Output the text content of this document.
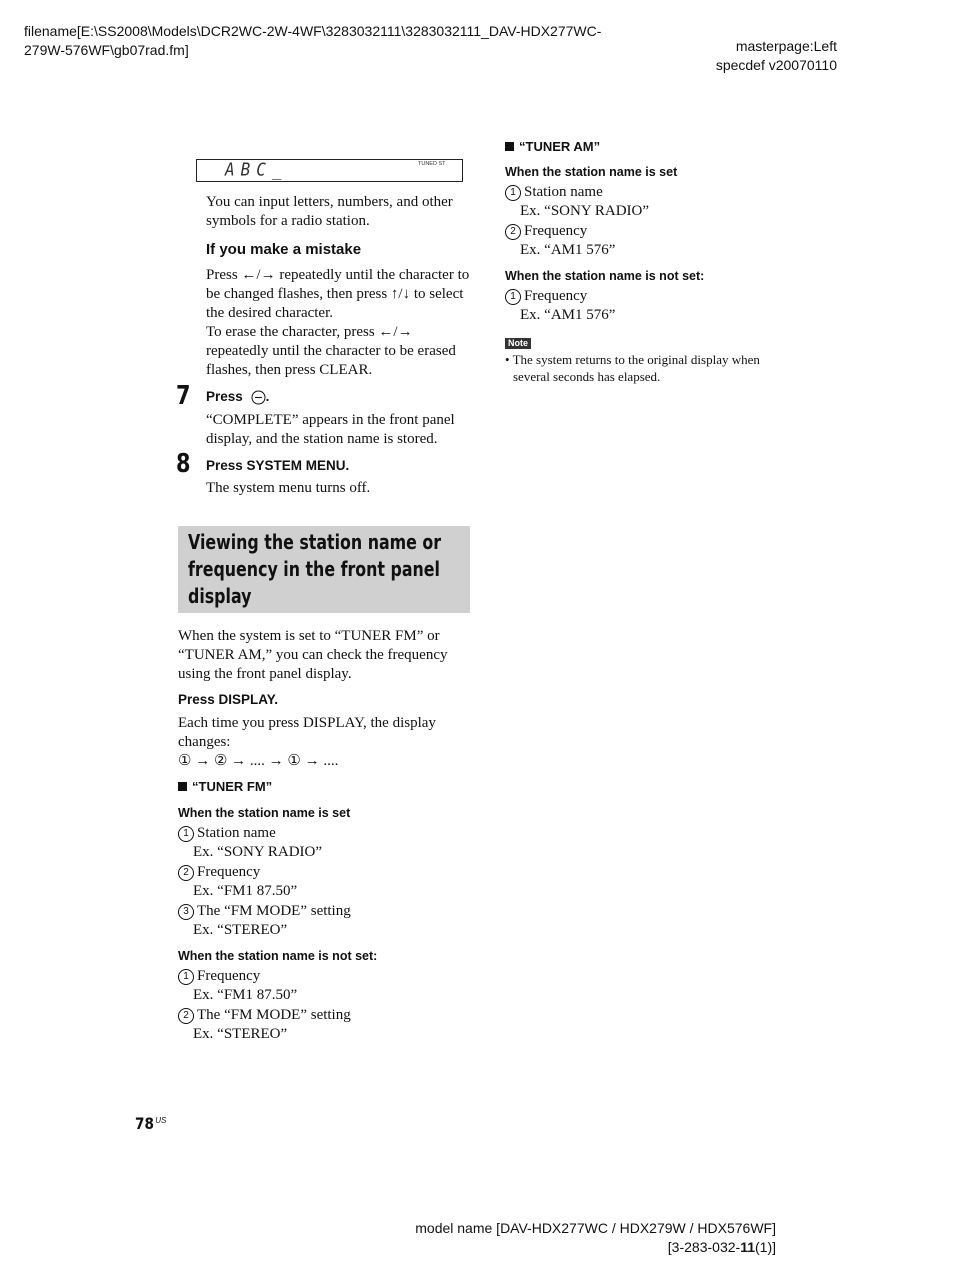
filename[E:\SS2008\Models\DCR2WC-2W-4WF\3283032111\3283032111_DAV-HDX277WC-
279W-576WF\gb07rad.fm]	masterpage:Left
specdef v20070110
ABC_	TUNED ST
You can input letters, numbers, and other
symbols for a radio station.
If you make a mistake
Press ←/→ repeatedly until the character to
be changed flashes, then press ↑/↓ to select
the desired character.
To erase the character, press ←/→
repeatedly until the character to be erased
flashes, then press CLEAR.
7 Press .
“COMPLETE” appears in the front panel
display, and the station name is stored.
8 Press SYSTEM MENU.
The system menu turns off.
Viewing the station name or frequency in the front panel display
When the system is set to “TUNER FM” or
“TUNER AM,” you can check the frequency
using the front panel display.
Press DISPLAY.
Each time you press DISPLAY, the display
changes:
① → ② → .... → ① → ....
“TUNER FM”
When the station name is set
1 Station name
Ex. “SONY RADIO”
2 Frequency
Ex. “FM1 87.50”
3 The “FM MODE” setting
Ex. “STEREO”
When the station name is not set:
1 Frequency
Ex. “FM1 87.50”
2 The “FM MODE” setting
Ex. “STEREO”
“TUNER AM”
When the station name is set
1 Station name
Ex. “SONY RADIO”
2 Frequency
Ex. “AM1 576”
When the station name is not set:
1 Frequency
Ex. “AM1 576”
Note
• The system returns to the original display when
several seconds has elapsed.
$78^{US}$
model name [DAV-HDX277WC / HDX279W / HDX576WF]
[3-283-032-11(1)]
